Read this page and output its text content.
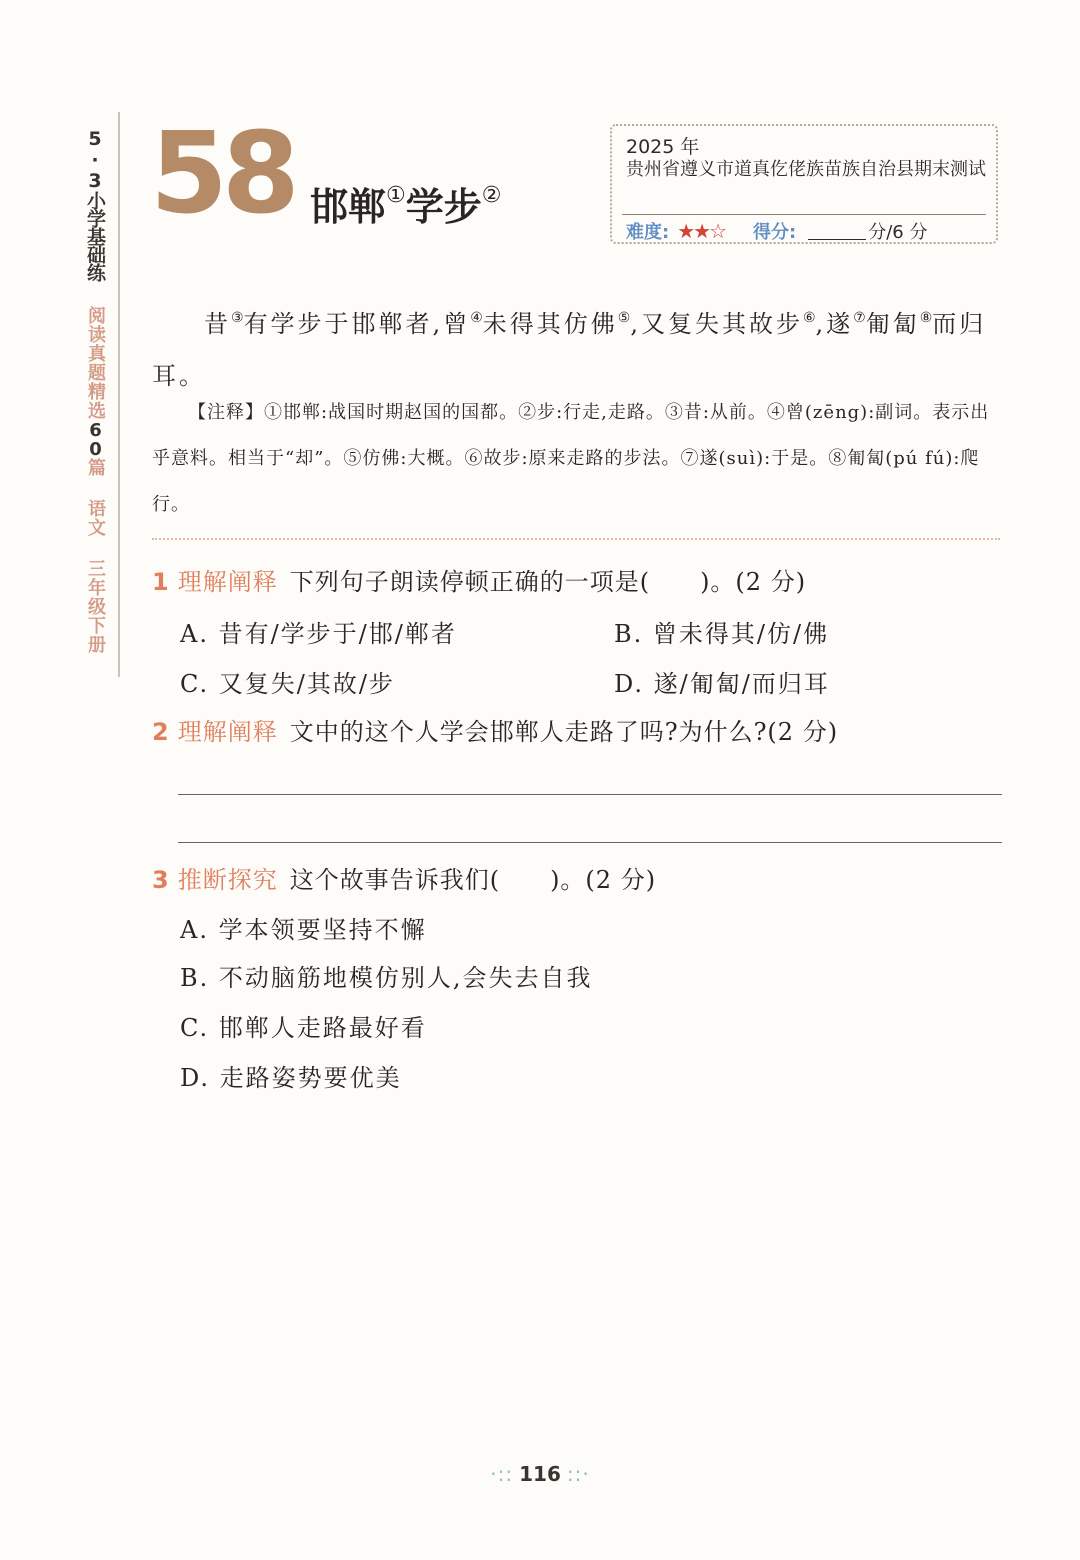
5·3小学基础练
阅读真题精选60篇 语文 三年级下册
58 邯郸①学步②
2025 年
贵州省遵义市道真仡佬族苗族自治县期末测试
难度: ★★☆ 得分:	分/6 分
昔③有学步于邯郸者,曾④未得其仿佛⑤,又复失其故步⑥,遂⑦匍匐⑧而归耳。
【注释】①邯郸:战国时期赵国的国都。②步:行走,走路。③昔:从前。④曾(zēng):副词。表示出乎意料。相当于“却”。⑤仿佛:大概。⑥故步:原来走路的步法。⑦遂(suì):于是。⑧匍匐(pú fú):爬行。
1 理解阐释 下列句子朗读停顿正确的一项是(　　)。(2 分)
A. 昔有/学步于/邯/郸者	B. 曾未得其/仿/佛
C. 又复失/其故/步	D. 遂/匍匐/而归耳
2 理解阐释 文中的这个人学会邯郸人走路了吗?为什么?(2 分)
3 推断探究 这个故事告诉我们(　　)。(2 分)
A. 学本领要坚持不懈
B. 不动脑筋地模仿别人,会失去自我
C. 邯郸人走路最好看
D. 走路姿势要优美
·:: 116 ::·
